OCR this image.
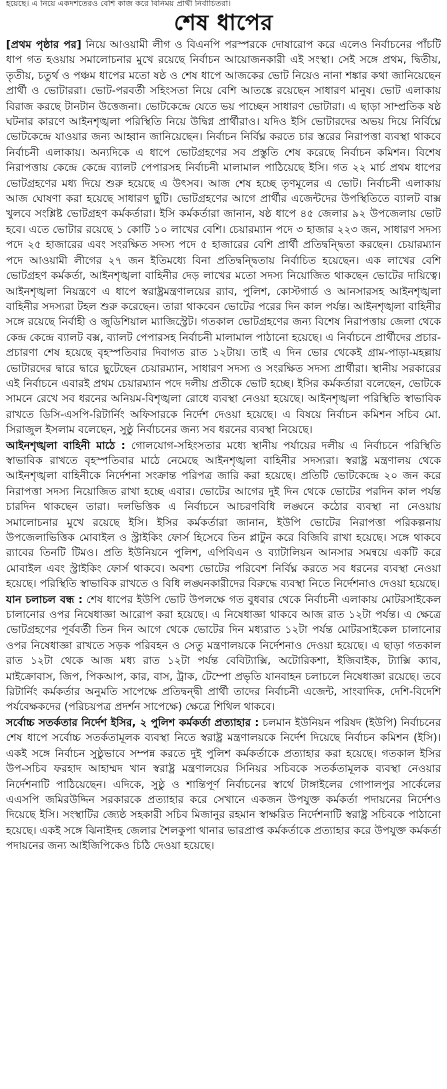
হয়েছে। এ নিয়ে একদশতেরও বেশি কাজ করে বিনিময় প্রার্থী নির্বাচিতরা।
শেষ ধাপের

[প্রথম পৃষ্ঠার পর] নিয়ে আওয়ামী লীগ ও বিএনপি পরস্পরকে দোষারোপ করে এলেও নির্বাচনের পাঁচটি ধাপ গত হওয়ায় সমালোচনার মুখে রয়েছে নির্বাচন আয়োজনকারী এই সংস্থা। সেই সঙ্গে প্রথম, দ্বিতীয়, তৃতীয়, চতুর্থ ও পঞ্চম ধাপের মতো ষষ্ঠ ও শেষ ধাপে আজকের ভোট নিয়েও নানা শঙ্কার কথা জানিয়েছেন প্রার্থী ও ভোটাররা। ভোট-পরবর্তী সহিংসতা নিয়ে বেশি আতঙ্কে রয়েছেন সাধারণ মানুষ। ভোট এলাকায় বিরাজ করছে টানটান উত্তেজনা। ভোটকেন্দ্রে যেতে ভয় পাচ্ছেন সাধারণ ভোটারা। এ ছাড়া সাম্প্রতিক ষষ্ঠ ঘটনার কারণে আইনশৃঙ্খলা পরিস্থিতি নিয়ে উদ্বিগ্ন প্রার্থীরাও। যদিও ইসি ভোটারদের অভয় দিয়ে নির্বিঘ্নে ভোটকেন্দ্রে যাওয়ার জন্য আহ্বান জানিয়েছেন। নির্বাচন নির্বিঘ্ন করতে চার স্তরের নিরাপত্তা ব্যবস্থা থাকবে নির্বাচনী এলাকায়। অন্যদিকে এ ধাপে ভোটগ্রহণের সব প্রস্তুতি শেষ করেছে নির্বাচন কমিশন। বিশেষ নিরাপত্তায় কেন্দ্রে কেন্দ্রে ব্যালট পেপারসহ নির্বাচনী মালামাল পাঠিয়েছে ইসি। গত ২২ মার্চ প্রথম ধাপের ভোটগ্রহণের মধ্য দিয়ে শুরু হয়েছে এ উৎসব। আজ শেষ হচ্ছে তৃণমূলের এ ভোট। নির্বাচনী এলাকায় আজ ঘোষণা করা হয়েছে সাধারণ ছুটি। ভোটগ্রহণের আগে প্রার্থীর এজেন্টদের উপস্থিতিতে ব্যালট বাক্স খুলবে সংশ্লিষ্ট ভোটগ্রহণ কর্মকর্তারা। ইসি কর্মকর্তারা জানান, ষষ্ঠ ধাপে ৪৫ জেলার ৯২ উপজেলায় ভোট হবে। এতে ভোটার রয়েছে ১ কোটি ১০ লাখের বেশি। চেয়ারম্যান পদে ৩ হাজার ২২৩ জন, সাধারণ সদস্য পদে ২৫ হাজারের এবং সংরক্ষিত সদস্য পদে ৫ হাজারের বেশি প্রার্থী প্রতিদ্বন্দ্বিতা করছেন। চেয়ারম্যান পদে আওয়ামী লীগের ২৭ জন ইতিমধ্যে বিনা প্রতিদ্বন্দ্বিতায় নির্বাচিত হয়েছেন। এক লাখের বেশি ভোটগ্রহণ কর্মকর্তা, আইনশৃঙ্খলা বাহিনীর দেড় লাখের মতো সদস্য নিয়োজিত থাকছেন ভোটের দায়িত্বে। আইনশৃঙ্খলা নিয়ন্ত্রণে এ ধাপে স্বরাষ্ট্রমন্ত্রণালয়ের র‌্যাব, পুলিশ, কোস্টগার্ড ও আনসারসহ আইনশৃঙ্খলা বাহিনীর সদস্যরা টহল শুরু করেছেন। তারা থাকবেন ভোটের পরের দিন কাল পর্যন্ত। আইনশৃঙ্খলা বাহিনীর সঙ্গে রয়েছে নির্বাহী ও জুডিশিয়াল ম্যাজিস্ট্রেট। গতকাল ভোটগ্রহণের জন্য বিশেষ নিরাপত্তায় জেলা থেকে কেন্দ্র কেন্দ্রে ব্যালট বক্স, ব্যালট পেপারসহ নির্বাচনী মালামাল পাঠানো হয়েছে। এ নির্বাচনে প্রার্থীদের প্রচার-প্রচারণা শেষ হয়েছে বৃহস্পতিবার দিবাগত রাত ১২টায়। তাই এ দিন ভোর থেকেই গ্রাম-পাড়া-মহল্লায় ভোটারদের দ্বারে দ্বারে ছুটেছেন চেয়ারম্যান, সাধারণ সদস্য ও সংরক্ষিত সদস্য প্রার্থীরা। স্থানীয় সরকারের এই নির্বাচনে এবারই প্রথম চেয়ারম্যান পদে দলীয় প্রতীকে ভোট হচ্ছে। ইসির কর্মকর্তারা বলেছেন, ভোটকে সামনে রেখে সব ধরনের অনিয়ম-বিশৃঙ্খলা রোধে ব্যবস্থা নেওয়া হয়েছে। আইনশৃঙ্খলা পরিস্থিতি স্বাভাবিক রাখতে ডিসি-এসপি-রিটার্নিং অফিসারকে নির্দেশ দেওয়া হয়েছে। এ বিষয়ে নির্বাচন কমিশন সচিব মো. সিরাজুল ইসলাম বলেছেন, সুষ্ঠু নির্বাচনের জন্য সব ধরনের ব্যবস্থা নিয়েছে।

আইনশৃঙ্খলা বাহিনী মাঠে : গোলযোগ-সহিংসতার মধ্যে স্থানীয় পর্যায়ের দলীয় এ নির্বাচনে পরিস্থিতি স্বাভাবিক রাখতে বৃহস্পতিবার মাঠে নেমেছে আইনশৃঙ্খলা বাহিনীর সদস্যরা। স্বরাষ্ট্র মন্ত্রণালয় থেকে আইনশৃঙ্খলা বাহিনীকে নির্দেশনা সংক্রান্ত পরিপত্র জারি করা হয়েছে। প্রতিটি ভোটকেন্দ্রে ২০ জন করে নিরাপত্তা সদস্য নিয়োজিত রাখা হচ্ছে এবার। ভোটের আগের দুই দিন থেকে ভোটের পরদিন কাল পর্যন্ত চারদিন থাকছেন তারা। দলভিত্তিক এ নির্বাচনে আচরণবিধি লঙ্ঘনে কঠোর ব্যবস্থা না নেওয়ায় সমালোচনার মুখে রয়েছে ইসি। ইসির কর্মকর্তারা জানান, ইউপি ভোটের নিরাপত্তা পরিকল্পনায় উপজেলাভিত্তিক মোবাইল ও স্ট্রাইকিং ফোর্স হিসেবে তিন প্লাটুন করে বিজিবি রাখা হয়েছে। সঙ্গে থাকবে র‌্যাবের তিনটি টিমও। প্রতি ইউনিয়নে পুলিশ, এপিবিএন ও ব্যাটালিয়ন আনসার সমন্বয়ে একটি করে মোবাইল এবং স্ট্রাইকিং ফোর্স থাকবে। অবশ্য ভোটের পরিবেশ নির্বিঘ্ন করতে সব ধরনের ব্যবস্থা নেওয়া হয়েছে। পরিস্থিতি স্বাভাবিক রাখতে ও বিধি লঙ্ঘনকারীদের বিরুদ্ধে ব্যবস্থা নিতে নির্দেশনাও দেওয়া হয়েছে।

যান চলাচল বন্ধ : শেষ ধাপের ইউপি ভোট উপলক্ষে গত বুধবার থেকে নির্বাচনী এলাকায় মোটরসাইকেল চালানোর ওপর নিষেধাজ্ঞা আরোপ করা হয়েছে। এ নিষেধাজ্ঞা থাকবে আজ রাত ১২টা পর্যন্ত। এ ক্ষেত্রে ভোটগ্রহণের পূর্ববর্তী তিন দিন আগে থেকে ভোটের দিন মধ্যরাত ১২টা পর্যন্ত মোটরসাইকেল চালানোর ওপর নিষেধাজ্ঞা রাখতে সড়ক পরিবহন ও সেতু মন্ত্রণালয়কে নির্দেশনাও দেওয়া হয়েছে। এ ছাড়া গতকাল রাত ১২টা থেকে আজ মধ্য রাত ১২টা পর্যন্ত বেবিট্যাক্সি, অটোরিকশা, ইজিবাইক, ট্যাক্সি ক্যাব, মাইক্রোবাস, জিপ, পিকআপ, কার, বাস, ট্রাক, টেম্পো প্রভৃতি যানবাহন চলাচলে নিষেধাজ্ঞা রয়েছে। তবে রিটার্নিং কর্মকর্তার অনুমতি সাপেক্ষে প্রতিদ্বন্দ্বী প্রার্থী তাদের নির্বাচনী এজেন্ট, সাংবাদিক, দেশি-বিদেশি পর্যবেক্ষকদের (পরিচয়পত্র প্রদর্শন সাপেক্ষে) ক্ষেত্রে শিথিল থাকবে।

সর্বোচ্চ সতর্কতার নির্দেশ ইসির, ২ পুলিশ কর্মকর্তা প্রত্যাহার : চলমান ইউনিয়ন পরিষদ (ইউপি) নির্বাচনের শেষ ধাপে সর্বোচ্চ সতর্কতামূলক ব্যবস্থা নিতে স্বরাষ্ট্র মন্ত্রণালয়কে নির্দেশ দিয়েছে নির্বাচন কমিশন (ইসি)। একই সঙ্গে নির্বাচন সুষ্ঠুভাবে সম্পন্ন করতে দুই পুলিশ কর্মকর্তাকে প্রত্যাহার করা হয়েছে। গতকাল ইসির উপ-সচিব ফরহাদ আহাম্মদ খান স্বরাষ্ট্র মন্ত্রণালয়ের সিনিয়র সচিবকে সতর্কতামূলক ব্যবস্থা নেওয়ার নির্দেশনাটি পাঠিয়েছেন। এদিকে, সুষ্ঠু ও শান্তিপূর্ণ নির্বাচনের স্বার্থে টাঙ্গাইলের গোপালপুর সার্কেলের এএসপি জমিরউদ্দিন সরকারকে প্রত্যাহার করে সেখানে একজন উপযুক্ত কর্মকর্তা পদায়নের নির্দেশও দিয়েছে ইসি। সংস্থাটির জ্যেষ্ঠ সহকারী সচিব মিজানুর রহমান স্বাক্ষরিত নির্দেশনাটি স্বরাষ্ট্র সচিবকে পাঠানো হয়েছে। একই সঙ্গে ঝিনাইদহ জেলার শৈলকুপা থানার ভারপ্রাপ্ত কর্মকর্তাকে প্রত্যাহার করে উপযুক্ত কর্মকর্তা পদায়নের জন্য আইজিপিকেও চিঠি দেওয়া হয়েছে।
